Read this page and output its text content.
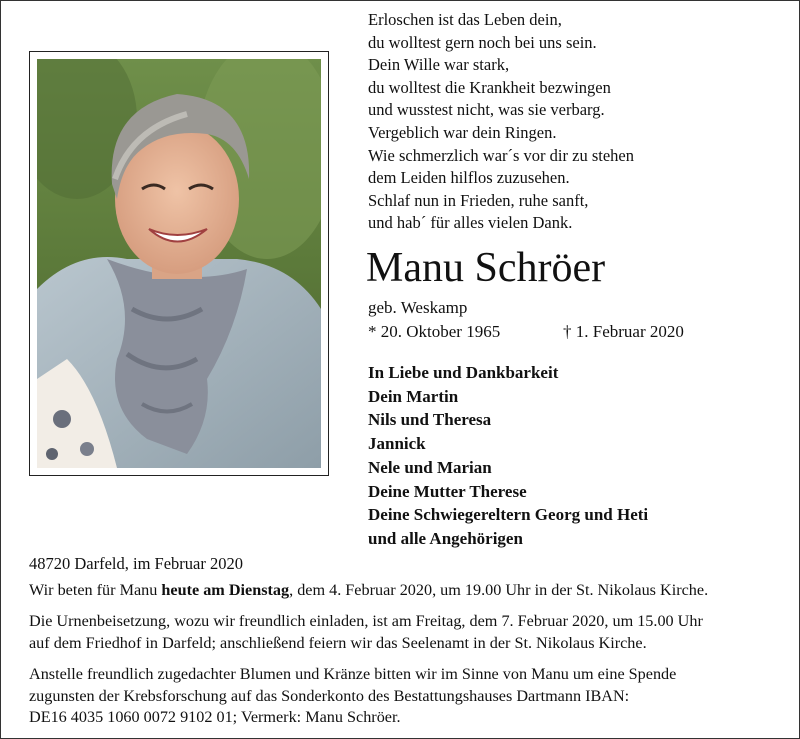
Erloschen ist das Leben dein,
du wolltest gern noch bei uns sein.
Dein Wille war stark,
du wolltest die Krankheit bezwingen
und wusstest nicht, was sie verbarg.
Vergeblich war dein Ringen.
Wie schmerzlich war´s vor dir zu stehen
dem Leiden hilflos zuzusehen.
Schlaf nun in Frieden, ruhe sanft,
und hab´ für alles vielen Dank.
Manu Schröer
geb. Weskamp
* 20. Oktober 1965	† 1. Februar 2020
In Liebe und Dankbarkeit
Dein Martin
Nils und Theresa
Jannick
Nele und Marian
Deine Mutter Therese
Deine Schwiegereltern Georg und Heti
und alle Angehörigen
48720 Darfeld, im Februar 2020
Wir beten für Manu heute am Dienstag, dem 4. Februar 2020, um 19.00 Uhr in der St. Nikolaus Kirche.
Die Urnenbeisetzung, wozu wir freundlich einladen, ist am Freitag, dem 7. Februar 2020, um 15.00 Uhr
auf dem Friedhof in Darfeld; anschließend feiern wir das Seelenamt in der St. Nikolaus Kirche.
Anstelle freundlich zugedachter Blumen und Kränze bitten wir im Sinne von Manu um eine Spende
zugunsten der Krebsforschung auf das Sonderkonto des Bestattungshauses Dartmann IBAN:
DE16 4035 1060 0072 9102 01; Vermerk: Manu Schröer.
